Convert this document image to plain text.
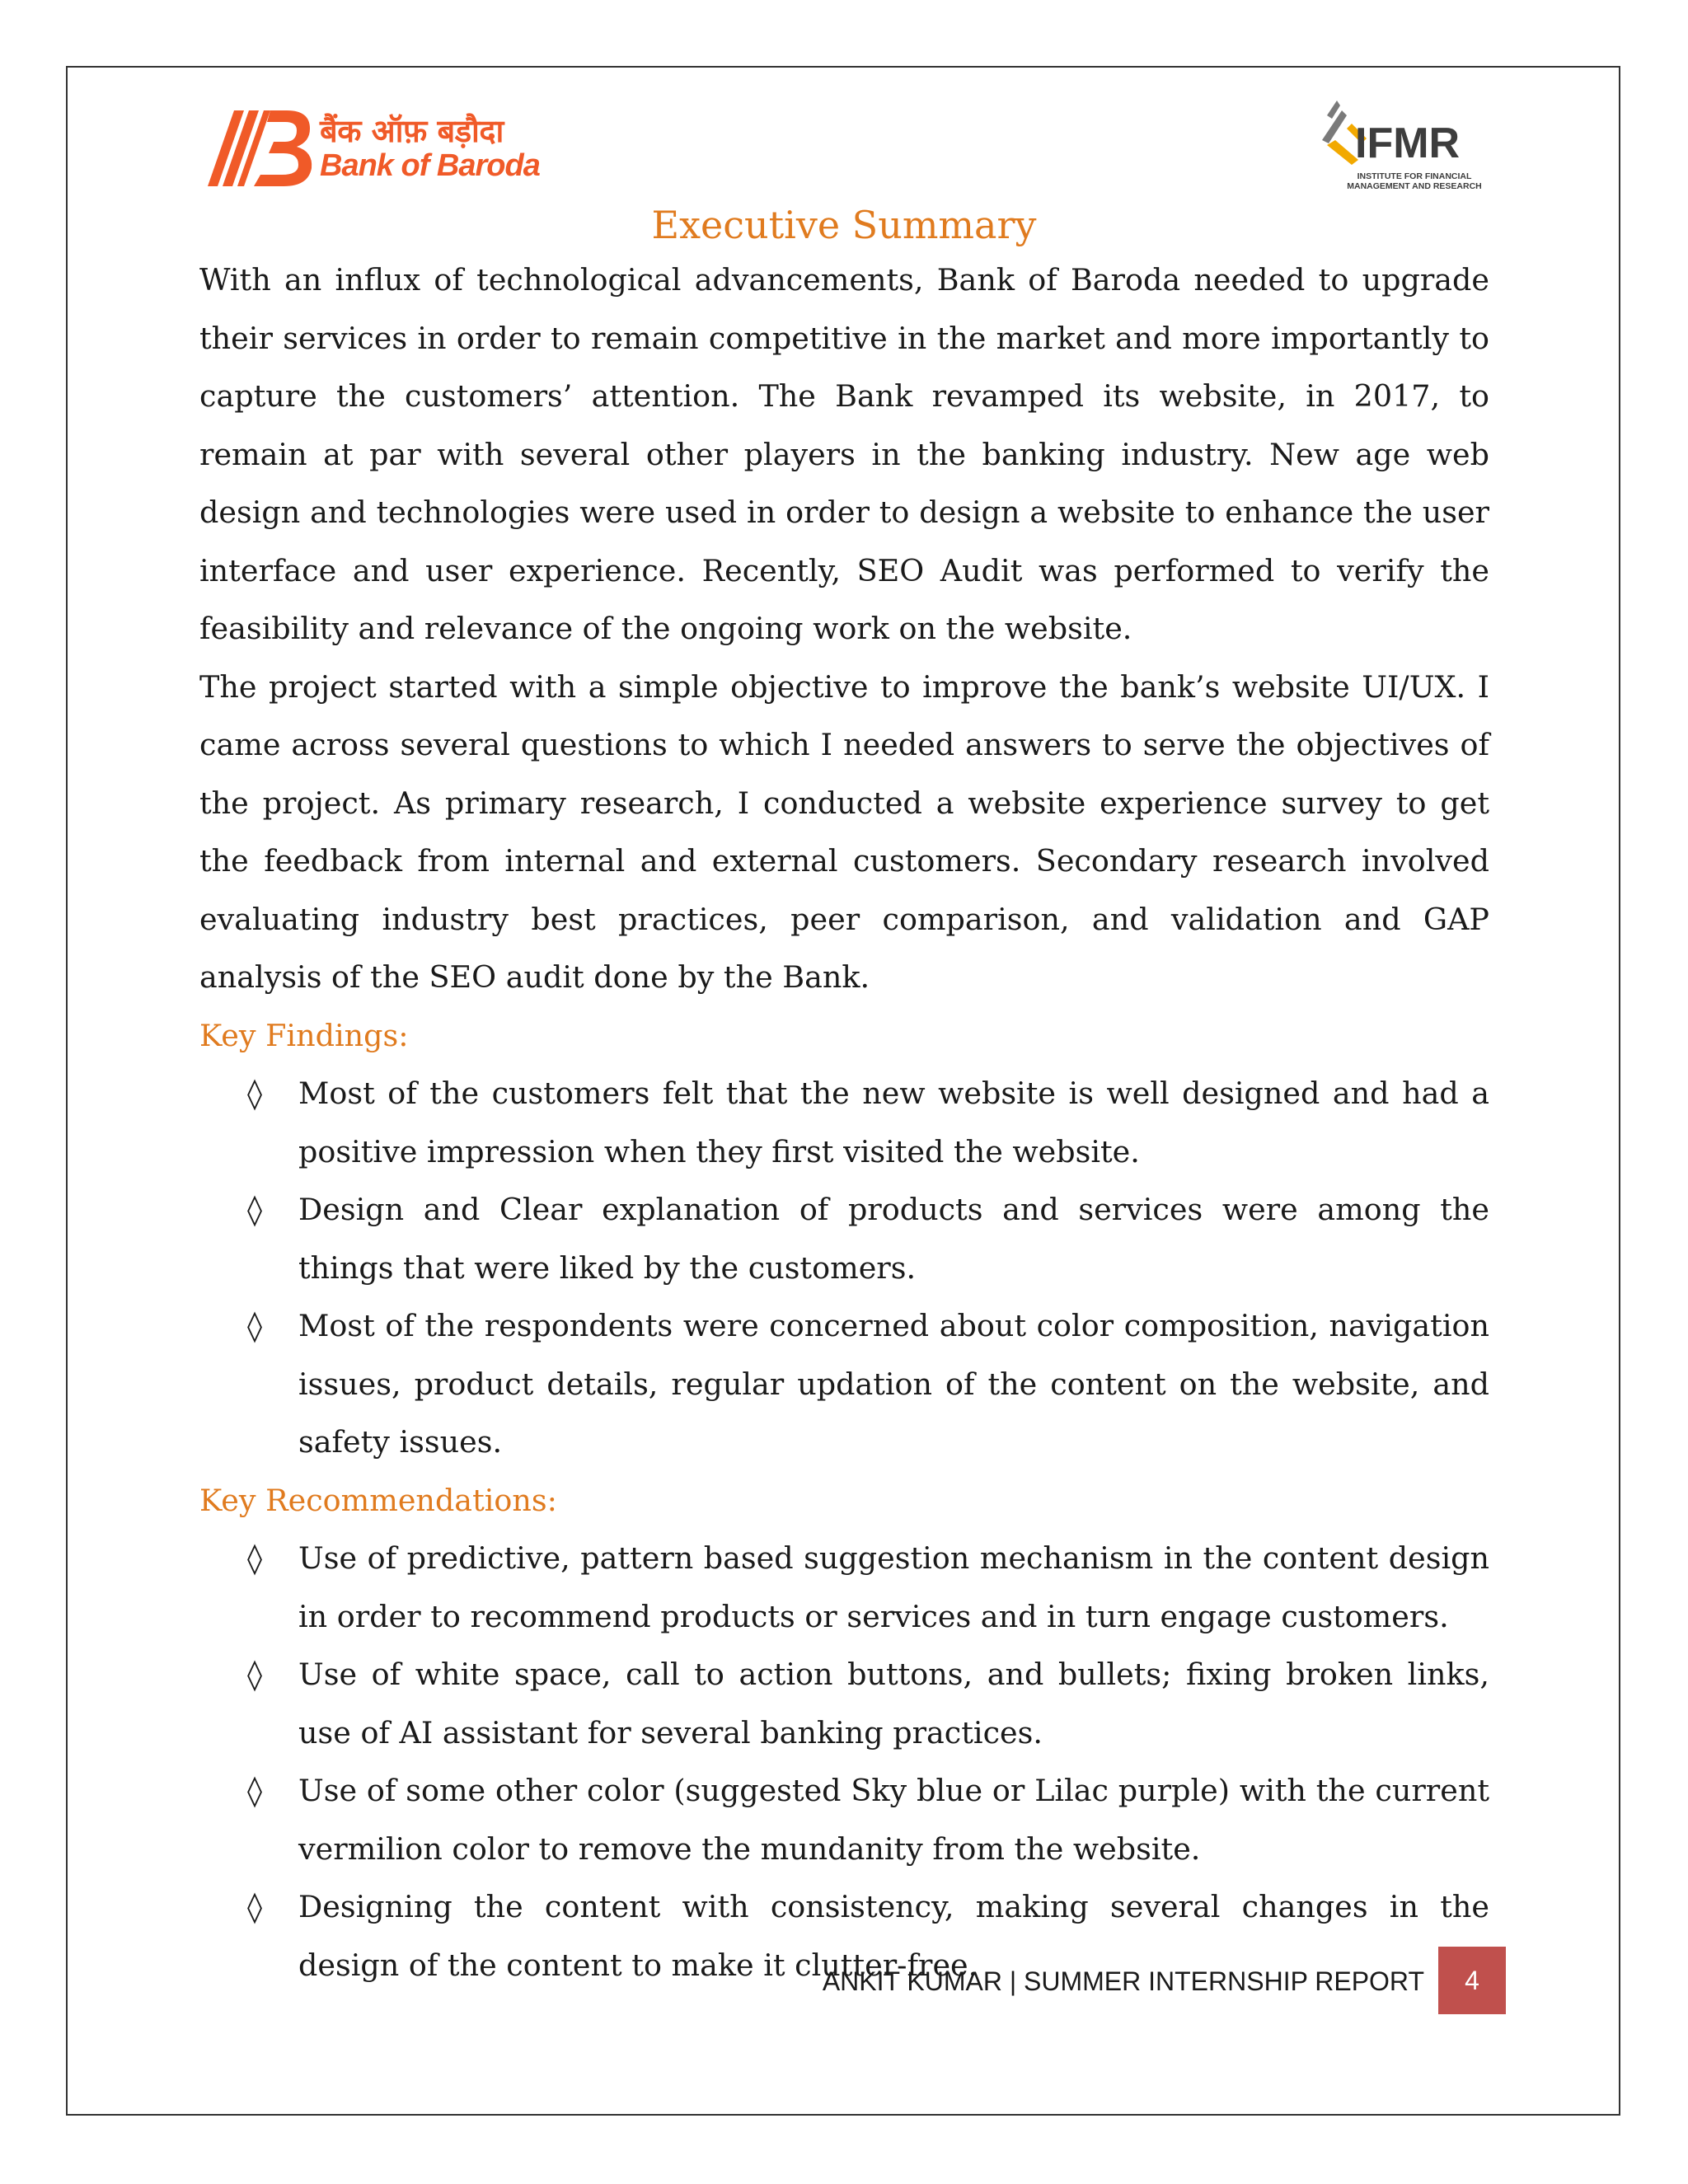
बैंक ऑफ़ बड़ौदा
Bank of Baroda	IFMR
INSTITUTE FOR FINANCIAL MANAGEMENT AND RESEARCH
Executive Summary

With an influx of technological advancements, Bank of Baroda needed to upgrade their services in order to remain competitive in the market and more importantly to capture the customers’ attention. The Bank revamped its website, in 2017, to remain at par with several other players in the banking industry. New age web design and technologies were used in order to design a website to enhance the user interface and user experience. Recently, SEO Audit was performed to verify the feasibility and relevance of the ongoing work on the website.

The project started with a simple objective to improve the bank’s website UI/UX. I came across several questions to which I needed answers to serve the objectives of the project. As primary research, I conducted a website experience survey to get the feedback from internal and external customers. Secondary research involved evaluating industry best practices, peer comparison, and validation and GAP analysis of the SEO audit done by the Bank.

Key Findings:

◊ Most of the customers felt that the new website is well designed and had a positive impression when they first visited the website.
◊ Design and Clear explanation of products and services were among the things that were liked by the customers.
◊ Most of the respondents were concerned about color composition, navigation issues, product details, regular updation of the content on the website, and safety issues.

Key Recommendations:

◊ Use of predictive, pattern based suggestion mechanism in the content design in order to recommend products or services and in turn engage customers.
◊ Use of white space, call to action buttons, and bullets; fixing broken links, use of AI assistant for several banking practices.
◊ Use of some other color (suggested Sky blue or Lilac purple) with the current vermilion color to remove the mundanity from the website.
◊ Designing the content with consistency, making several changes in the design of the content to make it clutter-free.
ANKIT KUMAR | SUMMER INTERNSHIP REPORT	4
